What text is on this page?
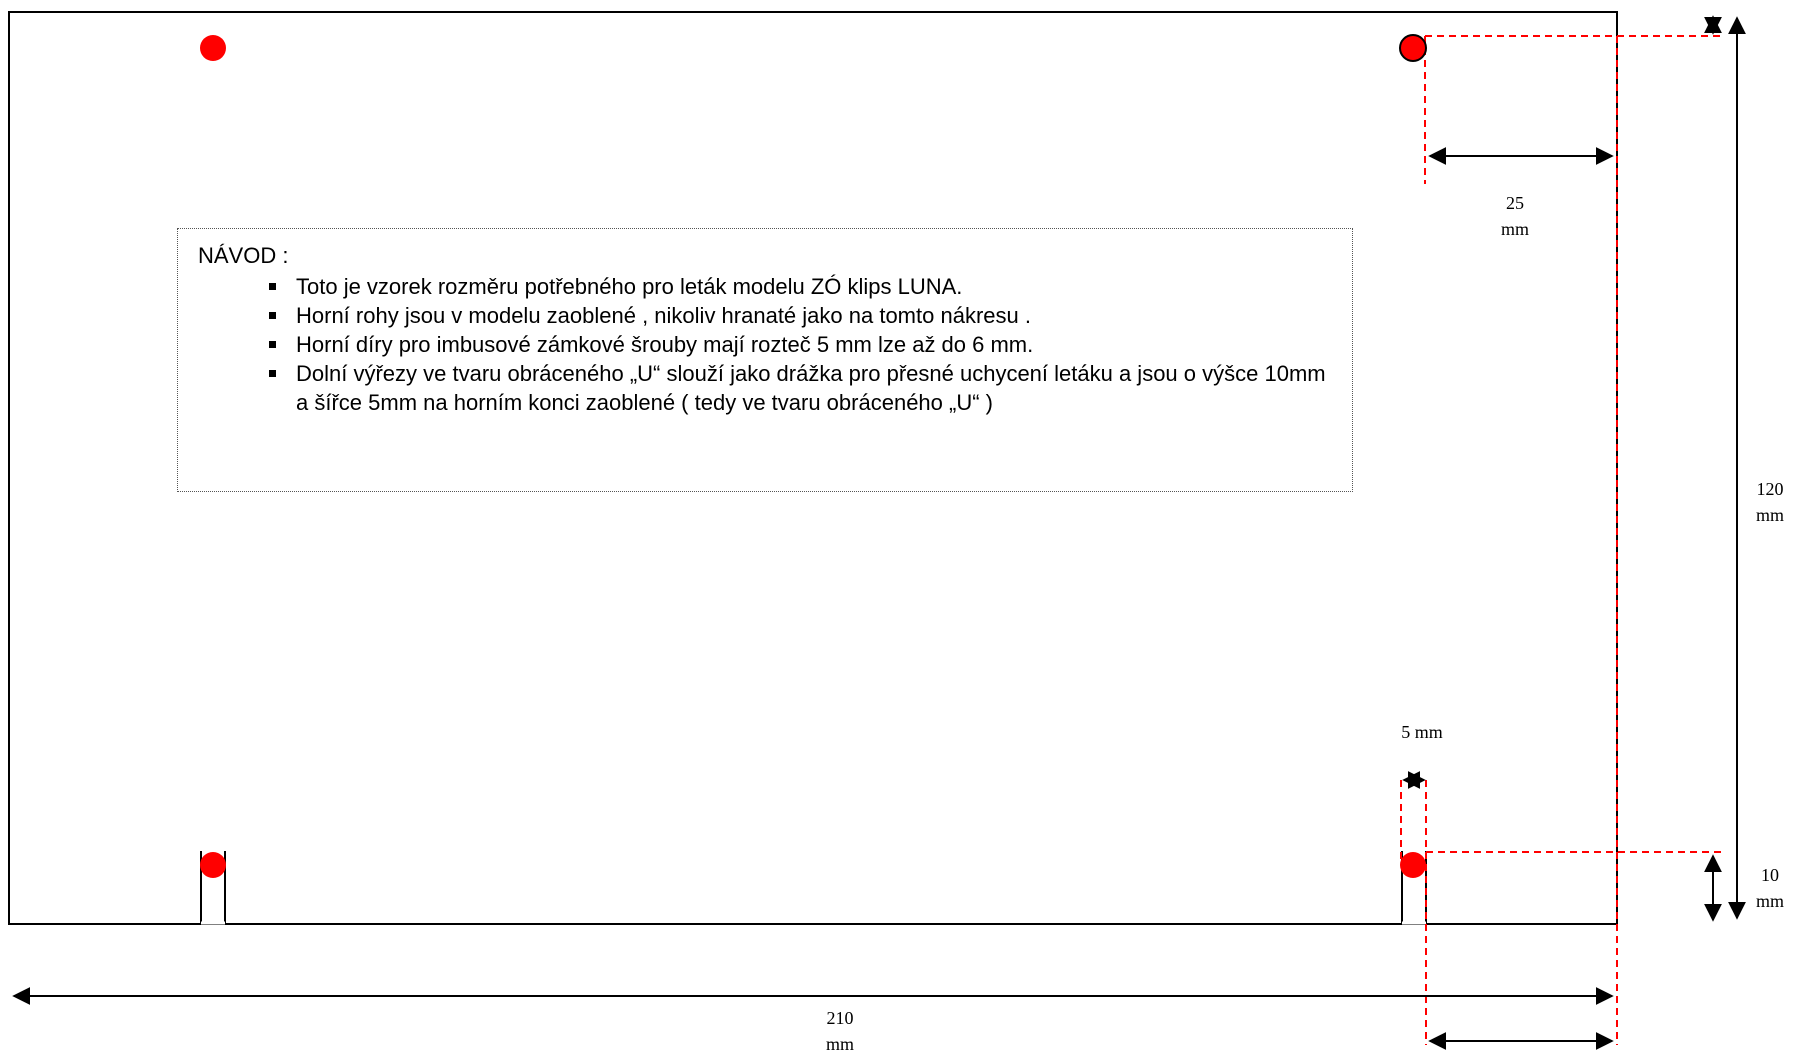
NÁVOD :
Toto je vzorek rozměru potřebného pro leták modelu ZÓ klips LUNA.
Horní rohy jsou v modelu zaoblené , nikoliv hranaté jako na tomto nákresu .
Horní díry pro imbusové zámkové šrouby mají rozteč 5 mm lze až do 6 mm.
Dolní výřezy ve tvaru obráceného „U“ slouží jako drážka pro přesné uchycení letáku a jsou o výšce 10mm a šířce 5mm na horním konci zaoblené ( tedy ve tvaru obráceného „U“ )
25
mm
120
mm
5 mm
10
mm
210
mm
